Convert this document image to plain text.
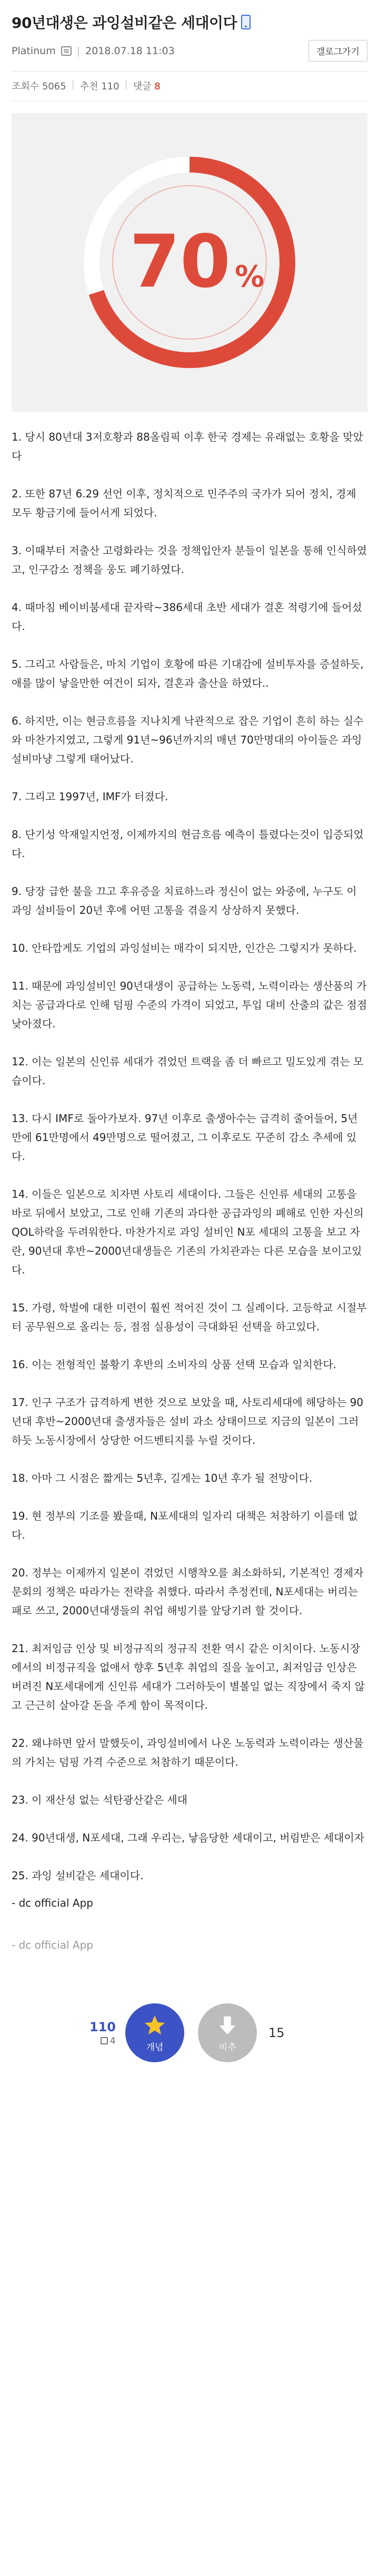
90년대생은 과잉설비같은 세대이다
Platinum | 2018.07.18 11:03	갤로그가기
조회수 5065 | 추천 110 | 댓글 8
70 %

1. 당시 80년대 3저호황과 88올림픽 이후 한국 경제는 유래없는 호황을 맞았다

2. 또한 87년 6.29 선언 이후, 정치적으로 민주주의 국가가 되어 정치, 경제 모두 황금기에 들어서게 되었다.

3. 이때부터 저출산 고령화라는 것을 정책입안자 분들이 일본을 통해 인식하였고, 인구감소 정책을 웅도 폐기하였다.

4. 때마침 베이비붐세대 끝자락~386세대 초반 세대가 결혼 적령기에 들어섰다.

5. 그리고 사람들은, 마치 기업이 호황에 따른 기대감에 설비투자를 증설하듯, 애를 많이 낳을만한 여건이 되자, 결혼과 출산을 하였다..

6. 하지만, 이는 현금흐름을 지나치게 낙관적으로 잡은 기업이 흔히 하는 실수와 마찬가지였고, 그렇게 91년~96년까지의 매년 70만명대의 아이들은 과잉 설비마냥 그렇게 태어났다.

7. 그리고 1997년, IMF가 터졌다.

8. 단기성 악재일지언정, 이제까지의 현금흐름 예측이 틀렸다는것이 입증되었다.

9. 당장 급한 불을 끄고 후유증을 치료하느라 정신이 없는 와중에, 누구도 이 과잉 설비들이 20년 후에 어떤 고통을 겪을지 상상하지 못했다.

10. 안타깝게도 기업의 과잉설비는 매각이 되지만, 인간은 그렇지가 못하다.

11. 때문에 과잉설비인 90년대생이 공급하는 노동력, 노력이라는 생산품의 가치는 공급과다로 인해 덤핑 수준의 가격이 되었고, 투입 대비 산출의 값은 점점 낮아졌다.

12. 이는 일본의 신인류 세대가 겪었던 트랙을 좀 더 빠르고 밀도있게 겪는 모습이다.

13. 다시 IMF로 돌아가보자. 97년 이후로 출생아수는 급격히 줄어들어, 5년만에 61만명에서 49만명으로 떨어졌고, 그 이후로도 꾸준히 감소 추세에 있다.

14. 이들은 일본으로 치자면 사토리 세대이다. 그들은 신인류 세대의 고통을 바로 뒤에서 보았고, 그로 인해 기존의 과다한 공급과잉의 폐해로 인한 자신의 QOL하락을 두려워한다. 마찬가지로 과잉 설비인 N포 세대의 고통을 보고 자란, 90년대 후반~2000년대생들은 기존의 가치관과는 다른 모습을 보이고있다.

15. 가령, 학벌에 대한 미련이 훨씬 적어진 것이 그 실례이다. 고등학교 시절부터 공무원으로 올리는 등, 점점 실용성이 극대화된 선택을 하고있다.

16. 이는 전형적인 불황기 후반의 소비자의 상품 선택 모습과 일치한다.

17. 인구 구조가 급격하게 변한 것으로 보았을 때, 사토리세대에 해당하는 90년대 후반~2000년대 출생자들은 설비 과소 상태이므로 지금의 일본이 그러하듯 노동시장에서 상당한 어드벤티지를 누릴 것이다.

18. 아마 그 시점은 짧게는 5년후, 길게는 10년 후가 될 전망이다.

19. 현 정부의 기조를 봤을때, N포세대의 일자리 대책은 처참하기 이를데 없다.

20. 정부는 이제까지 일본이 겪었던 시행착오를 최소화하되, 기본적인 경제자문회의 정책은 따라가는 전략을 취했다. 따라서 추정컨데, N포세대는 버리는 패로 쓰고, 2000년대생들의 취업 해빙기를 앞당기려 할 것이다.

21. 최저임금 인상 및 비정규직의 정규직 전환 역시 같은 이치이다. 노동시장에서의 비정규직을 없애서 향후 5년후 취업의 질을 높이고, 최저임금 인상은 버려진 N포세대에게 신인류 세대가 그러하듯이 별볼일 없는 직장에서 죽지 않고 근근히 살아갈 돈을 주게 함이 목적이다.

22. 왜냐하면 앞서 말했듯이, 과잉설비에서 나온 노동력과 노력이라는 생산물의 가치는 덤핑 가격 수준으로 처참하기 때문이다.

23. 이 재산성 없는 석탄광산같은 세대

24. 90년대생, N포세대, 그래 우리는, 낳음당한 세대이고, 버림받은 세대이자

25. 과잉 설비같은 세대이다.

- dc official App
- dc official App
110
4
개념	비추
15
